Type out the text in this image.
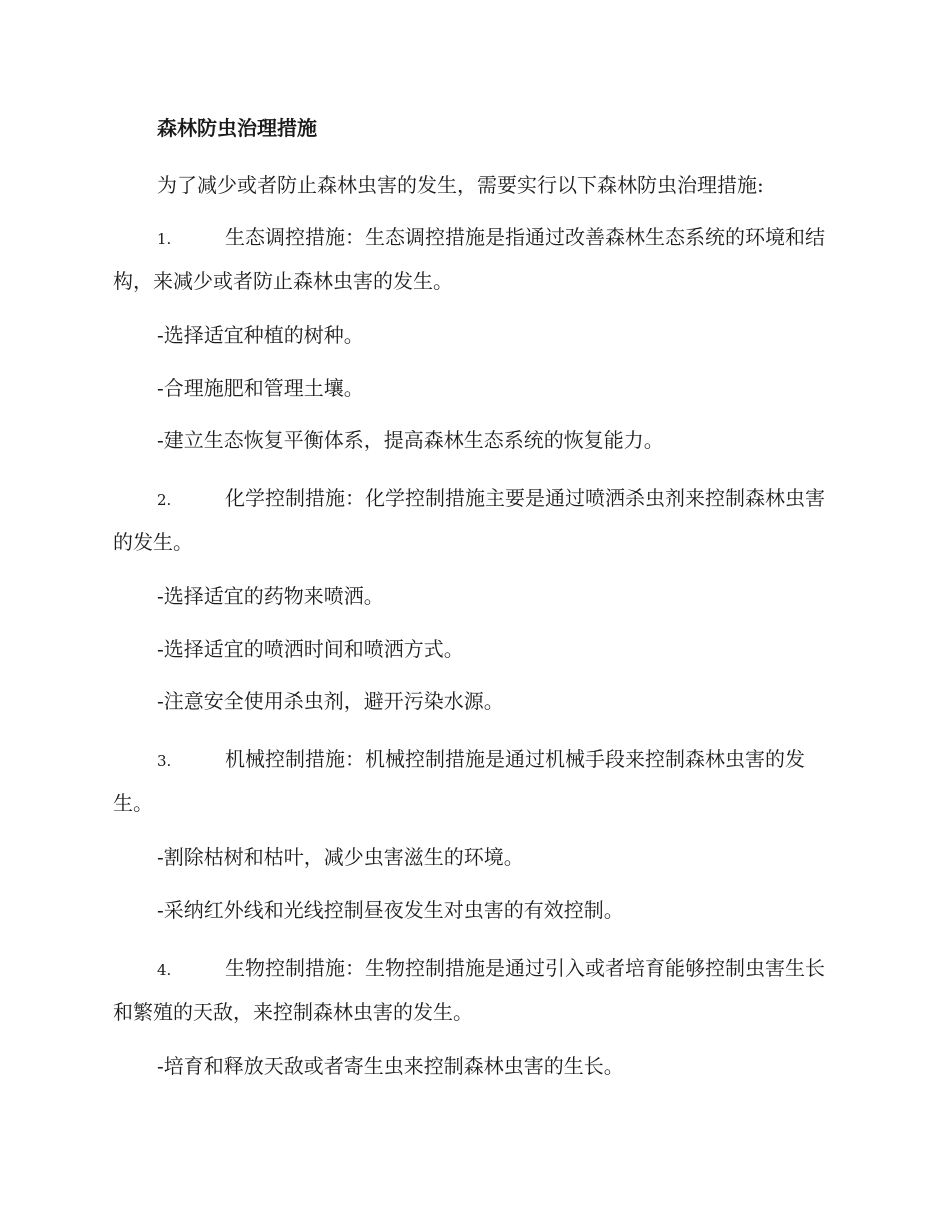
森林防虫治理措施
为了减少或者防止森林虫害的发生，需要实行以下森林防虫治理措施:
1.	生态调控措施：生态调控措施是指通过改善森林生态系统的环境和结构，来减少或者防止森林虫害的发生。
-选择适宜种植的树种。
-合理施肥和管理土壤。
-建立生态恢复平衡体系，提高森林生态系统的恢复能力。
2.	化学控制措施：化学控制措施主要是通过喷洒杀虫剂来控制森林虫害的发生。
-选择适宜的药物来喷洒。
-选择适宜的喷洒时间和喷洒方式。
-注意安全使用杀虫剂，避开污染水源。
3.	机械控制措施：机械控制措施是通过机械手段来控制森林虫害的发生。
-割除枯树和枯叶，减少虫害滋生的环境。
-采纳红外线和光线控制昼夜发生对虫害的有效控制。
4.	生物控制措施：生物控制措施是通过引入或者培育能够控制虫害生长和繁殖的天敌，来控制森林虫害的发生。
-培育和释放天敌或者寄生虫来控制森林虫害的生长。
